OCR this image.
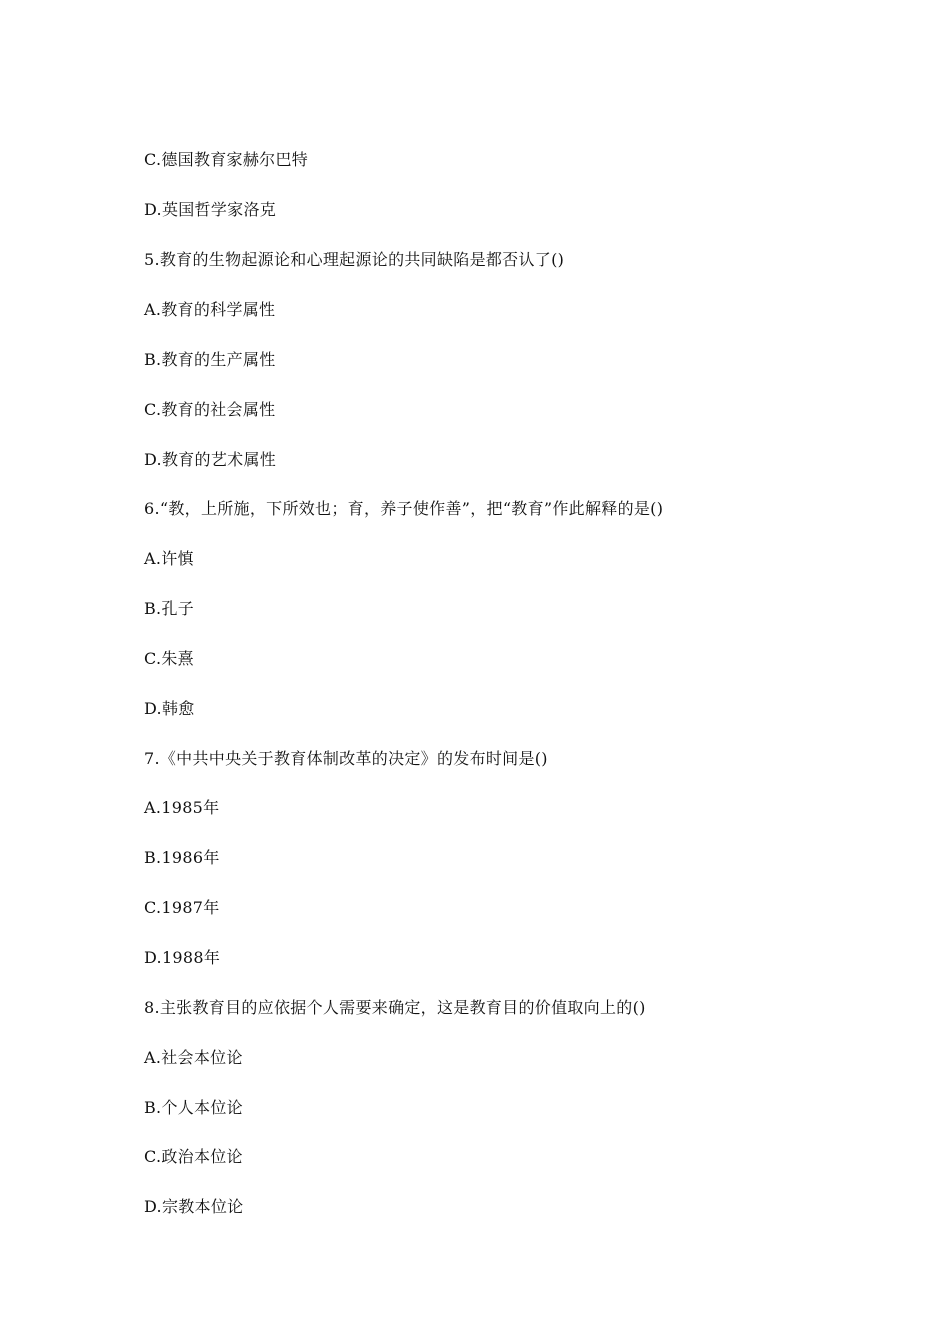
C.德国教育家赫尔巴特
D.英国哲学家洛克
5.教育的生物起源论和心理起源论的共同缺陷是都否认了()
A.教育的科学属性
B.教育的生产属性
C.教育的社会属性
D.教育的艺术属性
6.“教，上所施，下所效也；育，养子使作善”，把“教育”作此解释的是()
A.许慎
B.孔子
C.朱熹
D.韩愈
7.《中共中央关于教育体制改革的决定》的发布时间是()
A.1985年
B.1986年
C.1987年
D.1988年
8.主张教育目的应依据个人需要来确定，这是教育目的价值取向上的()
A.社会本位论
B.个人本位论
C.政治本位论
D.宗教本位论
